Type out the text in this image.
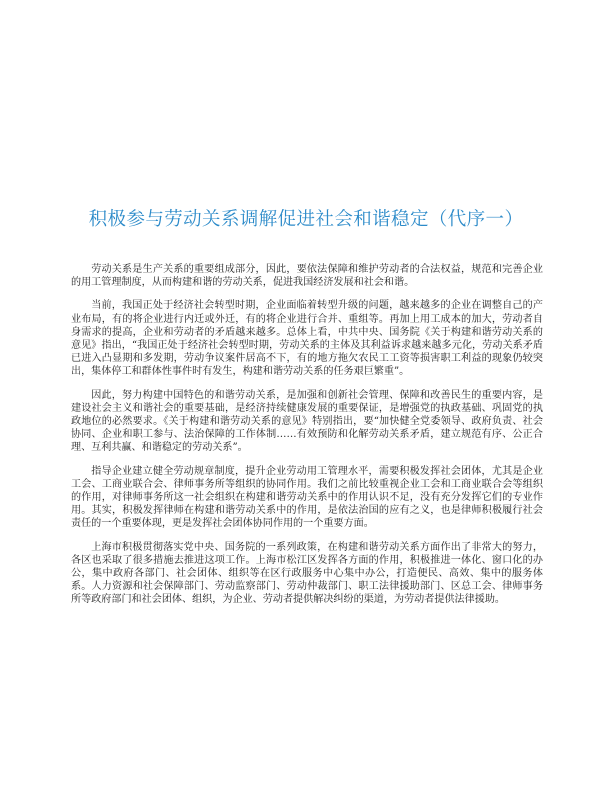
积极参与劳动关系调解促进社会和谐稳定（代序一）

劳动关系是生产关系的重要组成部分，因此，要依法保障和维护劳动者的合法权益，规范和完善企业的用工管理制度，从而构建和谐的劳动关系，促进我国经济发展和社会和谐。

当前，我国正处于经济社会转型时期，企业面临着转型升级的问题，越来越多的企业在调整自己的产业布局，有的将企业进行内迁或外迁，有的将企业进行合并、重组等。再加上用工成本的加大，劳动者自身需求的提高，企业和劳动者的矛盾越来越多。总体上看，中共中央、国务院《关于构建和谐劳动关系的意见》指出，“我国正处于经济社会转型时期，劳动关系的主体及其利益诉求越来越多元化，劳动关系矛盾已进入凸显期和多发期，劳动争议案件居高不下，有的地方拖欠农民工工资等损害职工利益的现象仍较突出，集体停工和群体性事件时有发生，构建和谐劳动关系的任务艰巨繁重”。

因此，努力构建中国特色的和谐劳动关系，是加强和创新社会管理、保障和改善民生的重要内容，是建设社会主义和谐社会的重要基础，是经济持续健康发展的重要保证，是增强党的执政基础、巩固党的执政地位的必然要求。《关于构建和谐劳动关系的意见》特别指出，要“加快健全党委领导、政府负责、社会协同、企业和职工参与、法治保障的工作体制……有效预防和化解劳动关系矛盾，建立规范有序、公正合理、互利共赢、和谐稳定的劳动关系”。

指导企业建立健全劳动规章制度，提升企业劳动用工管理水平，需要积极发挥社会团体，尤其是企业工会、工商业联合会、律师事务所等组织的协同作用。我们之前比较重视企业工会和工商业联合会等组织的作用，对律师事务所这一社会组织在构建和谐劳动关系中的作用认识不足，没有充分发挥它们的专业作用。其实，积极发挥律师在构建和谐劳动关系中的作用，是依法治国的应有之义，也是律师积极履行社会责任的一个重要体现，更是发挥社会团体协同作用的一个重要方面。

上海市积极贯彻落实党中央、国务院的一系列政策，在构建和谐劳动关系方面作出了非常大的努力，各区也采取了很多措施去推进这项工作。上海市松江区发挥各方面的作用，积极推进一体化、窗口化的办公，集中政府各部门、社会团体、组织等在区行政服务中心集中办公，打造便民、高效、集中的服务体系。人力资源和社会保障部门、劳动监察部门、劳动仲裁部门、职工法律援助部门、区总工会、律师事务所等政府部门和社会团体、组织，为企业、劳动者提供解决纠纷的渠道，为劳动者提供法律援助。
